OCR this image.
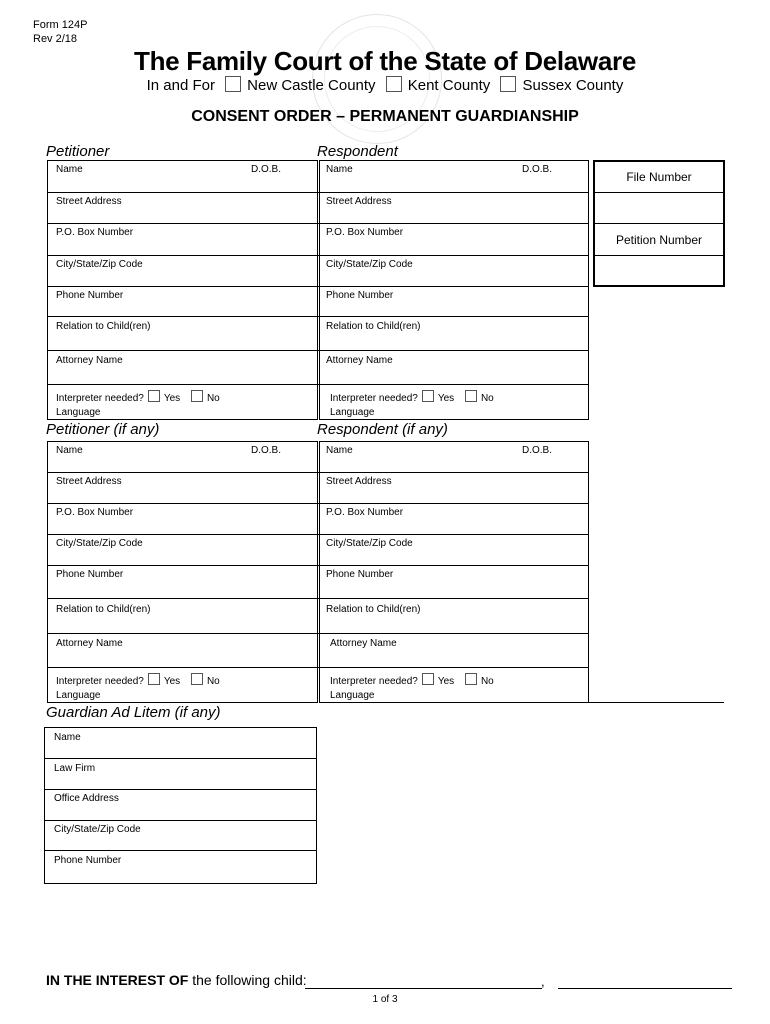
Form 124P
Rev 2/18
The Family Court of the State of Delaware
In and For New Castle County Kent County Sussex County
CONSENT ORDER – PERMANENT GUARDIANSHIP
Petitioner	Respondent
Name	D.O.B.
Street Address
P.O. Box Number
City/State/Zip Code
Phone Number
Relation to Child(ren)
Attorney Name
Interpreter needed? Yes	No
Language
Name	D.O.B.
Street Address
P.O. Box Number
City/State/Zip Code
Phone Number
Relation to Child(ren)
Attorney Name
Interpreter needed? Yes	No
Language
File Number
Petition Number
Petitioner (if any)	Respondent (if any)
Name	D.O.B.
Street Address
P.O. Box Number
City/State/Zip Code
Phone Number
Relation to Child(ren)
Attorney Name
Interpreter needed? Yes	No
Language
Name	D.O.B.
Street Address
P.O. Box Number
City/State/Zip Code
Phone Number
Relation to Child(ren)
Attorney Name
Interpreter needed? Yes	No
Language
Guardian Ad Litem (if any)
Name
Law Firm
Office Address
City/State/Zip Code
Phone Number
IN THE INTEREST OF the following child:	,
1 of 3
